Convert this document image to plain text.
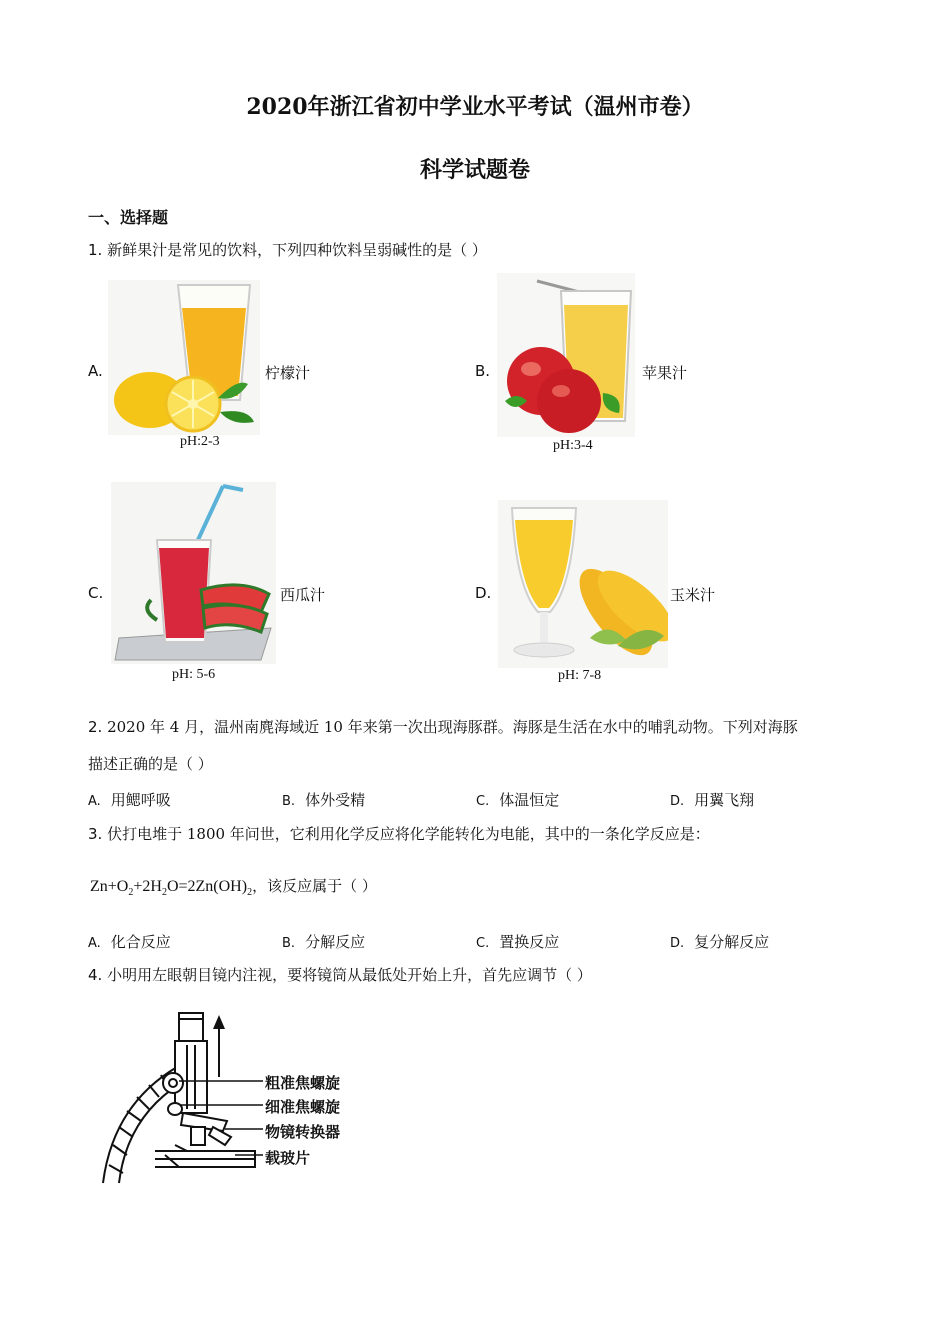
2020年浙江省初中学业水平考试（温州市卷）
科学试题卷
一、选择题
1. 新鲜果汁是常见的饮料，下列四种饮料呈弱碱性的是（ ）
A.
pH:2-3
柠檬汁	B.
pH:3-4
苹果汁
C.
pH: 5-6
西瓜汁	D.
pH: 7-8
玉米汁
2. 2020 年 4 月，温州南麂海域近 10 年来第一次出现海豚群。海豚是生活在水中的哺乳动物。下列对海豚
描述正确的是（ ）
A. 用鳃呼吸	B. 体外受精	C. 体温恒定	D. 用翼飞翔
3. 伏打电堆于 1800 年问世，它利用化学反应将化学能转化为电能，其中的一条化学反应是：
$Zn+O_2+2H_2O=2Zn(OH)_2$，该反应属于（ ）
A. 化合反应	B. 分解反应	C. 置换反应	D. 复分解反应
4. 小明用左眼朝目镜内注视，要将镜筒从最低处开始上升，首先应调节（ ）
粗准焦螺旋
细准焦螺旋
物镜转换器
载玻片
